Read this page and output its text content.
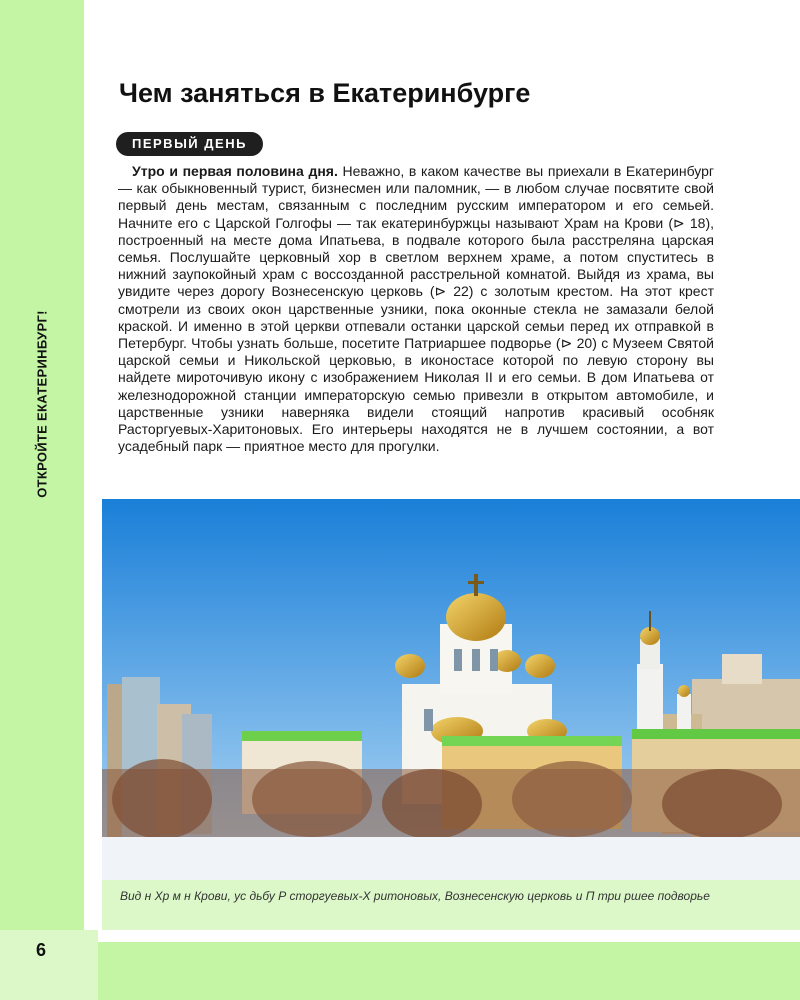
ОТКРОЙТЕ ЕКАТЕРИНБУРГ!
6
Чем заняться в Екатеринбурге
ПЕРВЫЙ ДЕНЬ

Утро и первая половина дня. Неважно, в каком качестве вы приехали в Екатеринбург — как обыкновенный турист, бизнесмен или паломник, — в любом случае посвятите свой первый день местам, связанным с последним русским императором и его семьей. Начните его с Царской Голгофы — так екатеринбуржцы называют Храм на Крови (⊳ 18), построенный на месте дома Ипатьева, в подвале которого была расстреляна царская семья. Послушайте церковный хор в светлом верхнем храме, а потом спуститесь в нижний заупокойный храм с воссозданной расстрельной комнатой. Выйдя из храма, вы увидите через дорогу Вознесенскую церковь (⊳ 22) с золотым крестом. На этот крест смотрели из своих окон царственные узники, пока оконные стекла не замазали белой краской. И именно в этой церкви отпевали останки царской семьи перед их отправкой в Петербург. Чтобы узнать больше, посетите Патриаршее подворье (⊳ 20) с Музеем Святой царской семьи и Никольской церковью, в иконостасе которой по левую сторону вы найдете мироточивую икону с изображением Николая II и его семьи. В дом Ипатьева от железнодорожной станции императорскую семью привезли в открытом автомобиле, и царственные узники наверняка видели стоящий напротив красивый особняк Расторгуевых-Харитоновых. Его интерьеры находятся не в лучшем состоянии, а вот усадебный парк — приятное место для прогулки.

Вид н Хр м н Крови, ус дьбу Р сторгуевых-Х ритоновых, Вознесенскую церковь и П три ршее подворье
